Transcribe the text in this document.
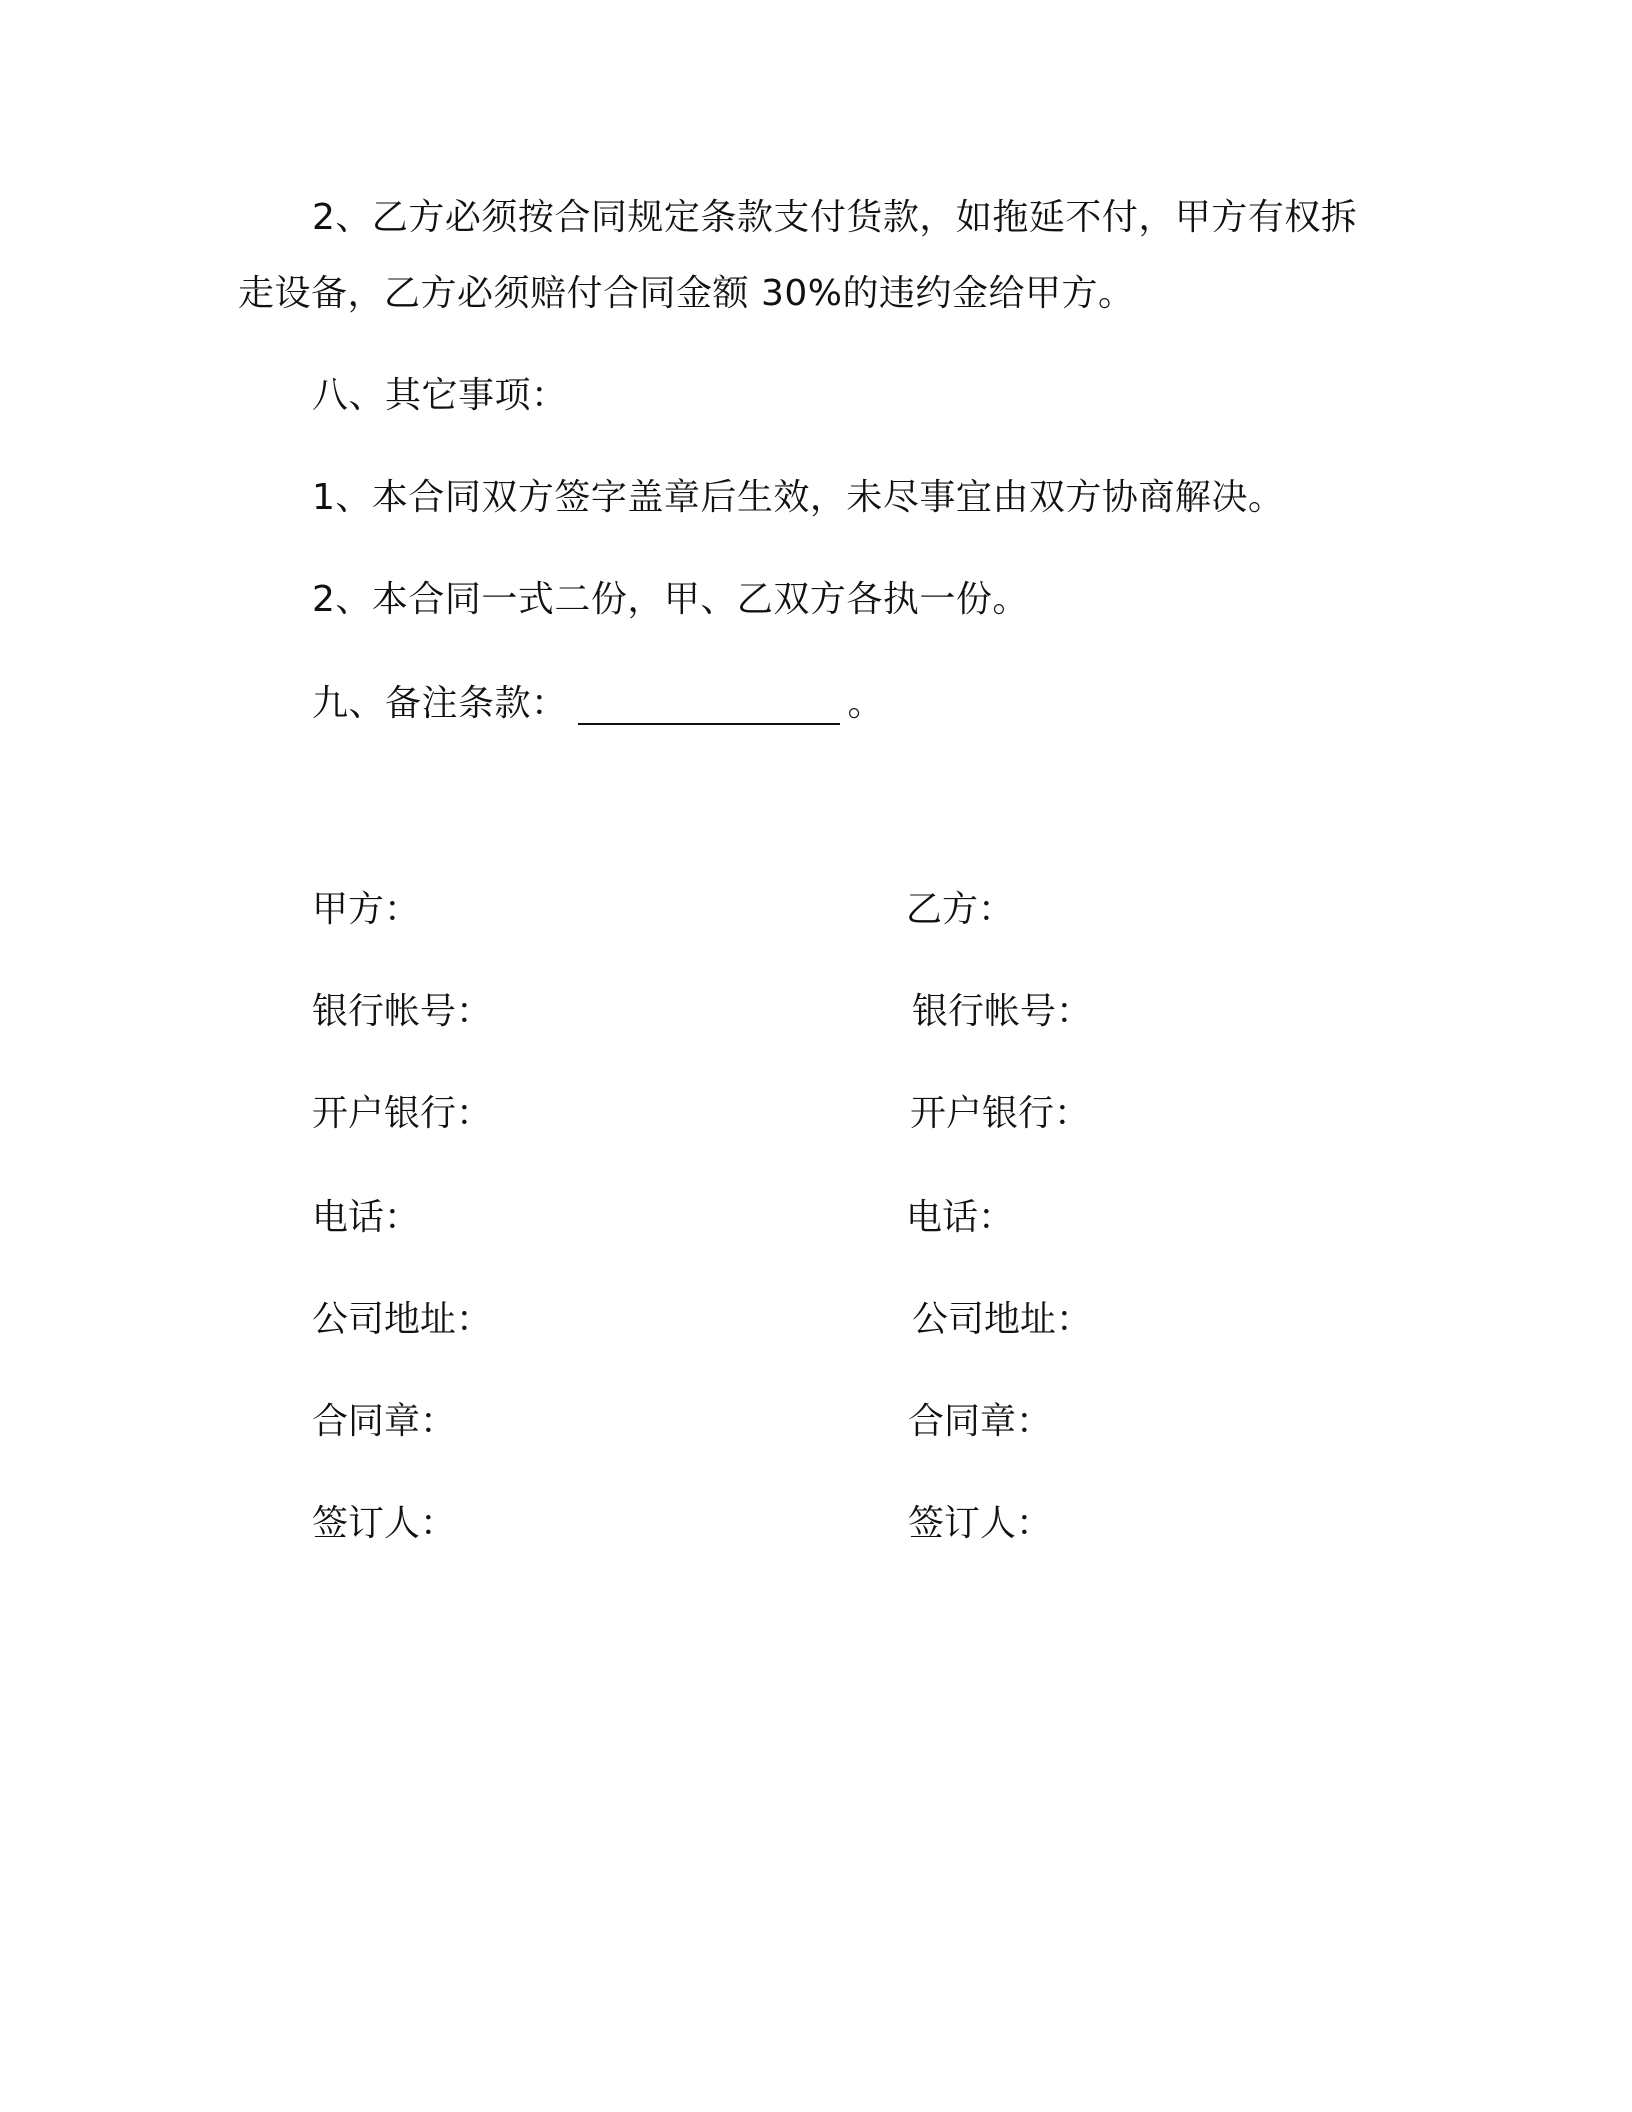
2、乙方必须按合同规定条款支付货款，如拖延不付，甲方有权拆
走设备，乙方必须赔付合同金额 30%的违约金给甲方。
八、其它事项：
1、本合同双方签字盖章后生效，未尽事宜由双方协商解决。
2、本合同一式二份，甲、乙双方各执一份。
九、备注条款：	。
甲方：
银行帐号：
开户银行：
电话：
公司地址：
合同章：
签订人：
乙方：
银行帐号：
开户银行：
电话：
公司地址：
合同章：
签订人：
